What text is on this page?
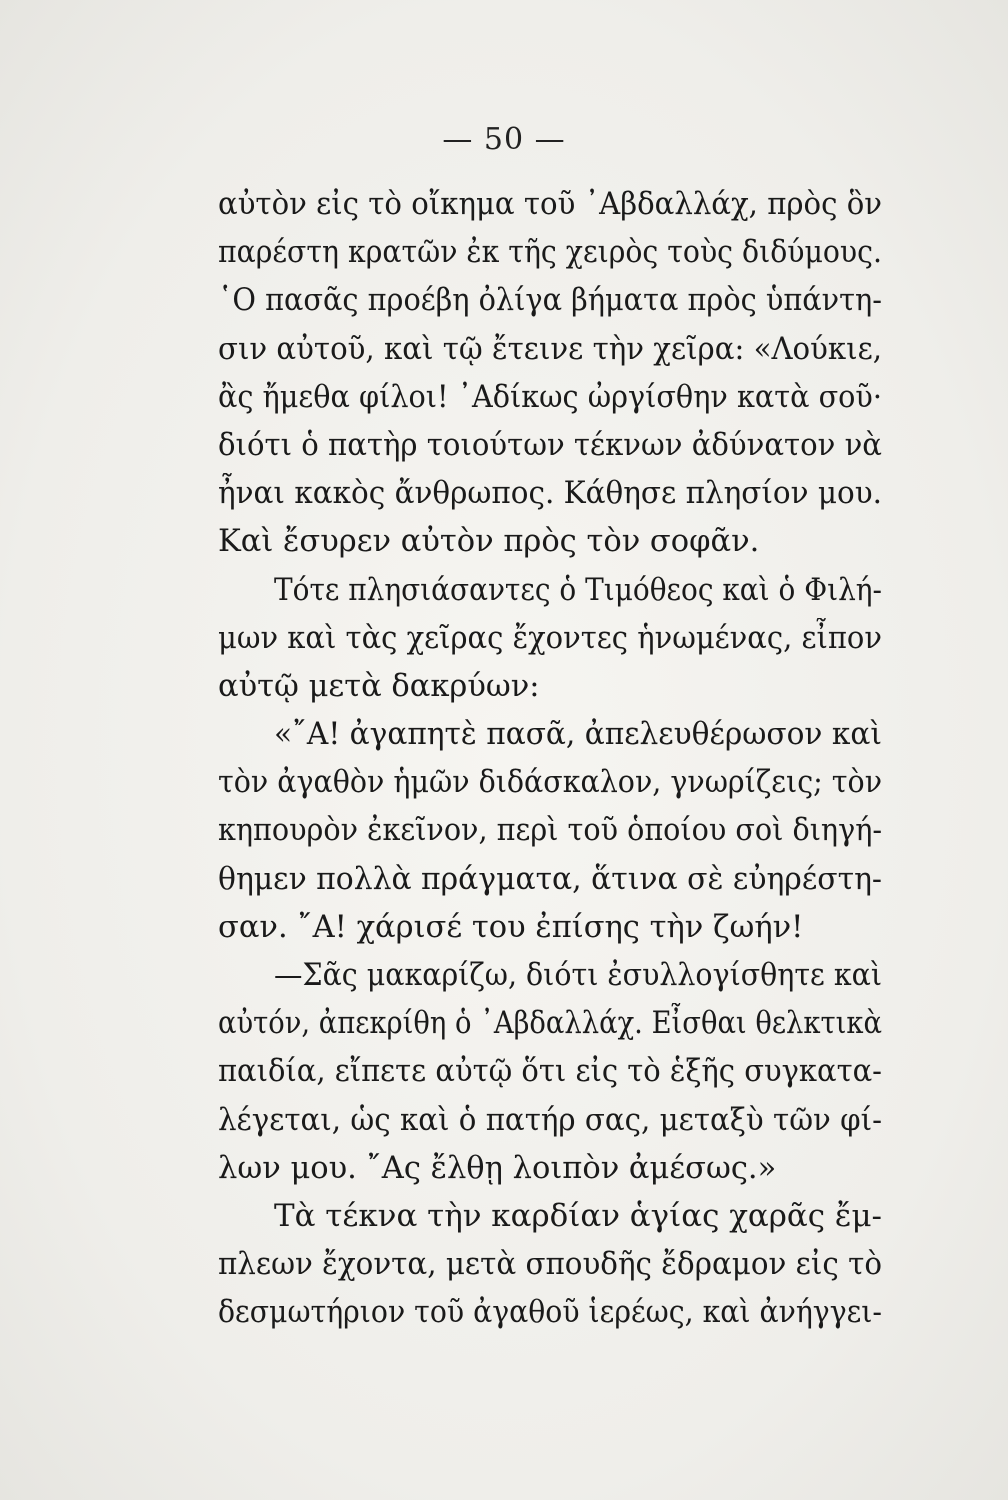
— 50 —
αὐτὸν εἰς τὸ οἴκημα τοῦ ᾿Αβδαλλάχ, πρὸς ὃν
παρέστη κρατῶν ἐκ τῆς χειρὸς τοὺς διδύμους.
῾Ο πασᾶς προέβη ὀλίγα βήματα πρὸς ὑπάντη-
σιν αὐτοῦ, καὶ τῷ ἔτεινε τὴν χεῖρα: «Λούκιε,
ἂς ἤμεθα φίλοι! ᾿Αδίκως ὠργίσθην κατὰ σοῦ·
διότι ὁ πατὴρ τοιούτων τέκνων ἀδύνατον νὰ
ἦναι κακὸς ἄνθρωπος. Κάθησε πλησίον μου.
Καὶ ἔσυρεν αὐτὸν πρὸς τὸν σοφᾶν.
Τότε πλησιάσαντες ὁ Τιμόθεος καὶ ὁ Φιλή-
μων καὶ τὰς χεῖρας ἔχοντες ἡνωμένας, εἶπον
αὐτῷ μετὰ δακρύων:
«῎Α! ἀγαπητὲ πασᾶ, ἀπελευθέρωσον καὶ
τὸν ἀγαθὸν ἡμῶν διδάσκαλον, γνωρίζεις; τὸν
κηπουρὸν ἐκεῖνον, περὶ τοῦ ὁποίου σοὶ διηγή-
θημεν πολλὰ πράγματα, ἅτινα σὲ εὐηρέστη-
σαν. ῎Α! χάρισέ του ἐπίσης τὴν ζωήν!
—Σᾶς μακαρίζω, διότι ἐσυλλογίσθητε καὶ
αὐτόν, ἀπεκρίθη ὁ ᾿Αβδαλλάχ. Εἶσθαι θελκτικὰ
παιδία, εἴπετε αὐτῷ ὅτι εἰς τὸ ἑξῆς συγκατα-
λέγεται, ὡς καὶ ὁ πατήρ σας, μεταξὺ τῶν φί-
λων μου. ῎Ας ἔλθῃ λοιπὸν ἀμέσως.»
Τὰ τέκνα τὴν καρδίαν ἁγίας χαρᾶς ἔμ-
πλεων ἔχοντα, μετὰ σπουδῆς ἔδραμον εἰς τὸ
δεσμωτήριον τοῦ ἀγαθοῦ ἱερέως, καὶ ἀνήγγει-
